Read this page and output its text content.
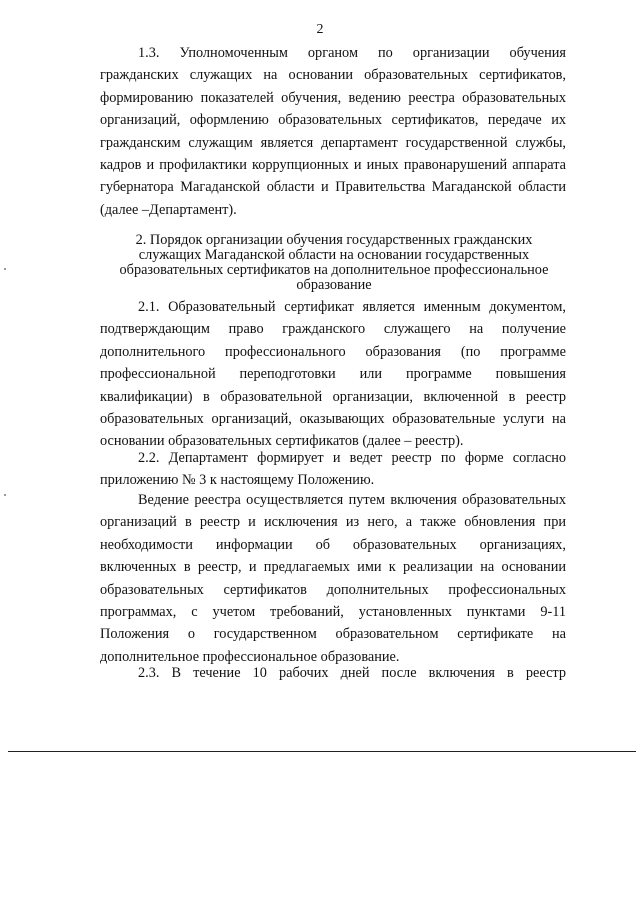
2

1.3. Уполномоченным органом по организации обучения гражданских служащих на основании образовательных сертификатов, формированию показателей обучения, ведению реестра образовательных организаций, оформлению образовательных сертификатов, передаче их гражданским служащим является департамент государственной службы, кадров и профилактики коррупционных и иных правонарушений аппарата губернатора Магаданской области и Правительства Магаданской области (далее –Департамент).

2. Порядок организации обучения государственных гражданских служащих Магаданской области на основании государственных образовательных сертификатов на дополнительное профессиональное образование

2.1. Образовательный сертификат является именным документом, подтверждающим право гражданского служащего на получение дополнительного профессионального образования (по программе профессиональной переподготовки или программе повышения квалификации) в образовательной организации, включенной в реестр образовательных организаций, оказывающих образовательные услуги на основании образовательных сертификатов (далее – реестр).

2.2. Департамент формирует и ведет реестр по форме согласно приложению № 3 к настоящему Положению.

Ведение реестра осуществляется путем включения образовательных организаций в реестр и исключения из него, а также обновления при необходимости информации об образовательных организациях, включенных в реестр, и предлагаемых ими к реализации на основании образовательных сертификатов дополнительных профессиональных программах, с учетом требований, установленных пунктами 9-11 Положения о государственном образовательном сертификате на дополнительное профессиональное образование.

2.3. В течение 10 рабочих дней после включения в реестр
